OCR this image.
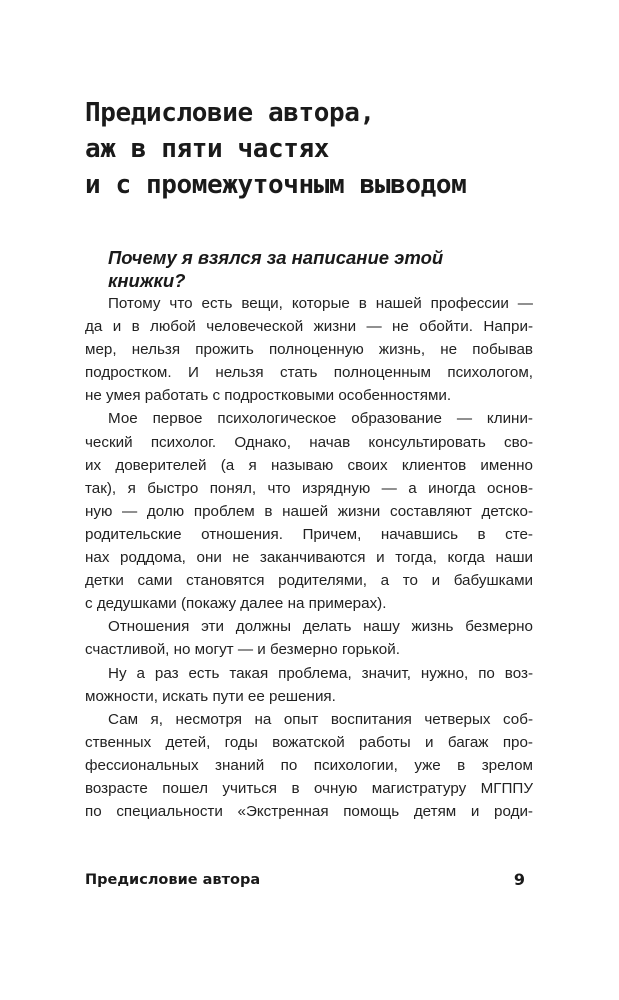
Предисловие автора,
аж в пяти частях
и с промежуточным выводом
Почему я взялся за написание этой
книжки?

Потому что есть вещи, которые в нашей профессии —
да и в любой человеческой жизни — не обойти. Напри-
мер, нельзя прожить полноценную жизнь, не побывав
подростком. И нельзя стать полноценным психологом,
не умея работать с подростковыми особенностями.

Мое первое психологическое образование — клини-
ческий психолог. Однако, начав консультировать сво-
их доверителей (а я называю своих клиентов именно
так), я быстро понял, что изрядную — а иногда основ-
ную — долю проблем в нашей жизни составляют детско-
родительские отношения. Причем, начавшись в сте-
нах роддома, они не заканчиваются и тогда, когда наши
детки сами становятся родителями, а то и бабушками
с дедушками (покажу далее на примерах).

Отношения эти должны делать нашу жизнь безмерно
счастливой, но могут — и безмерно горькой.

Ну а раз есть такая проблема, значит, нужно, по воз-
можности, искать пути ее решения.

Сам я, несмотря на опыт воспитания четверых соб-
ственных детей, годы вожатской работы и багаж про-
фессиональных знаний по психологии, уже в зрелом
возрасте пошел учиться в очную магистратуру МГППУ
по специальности «Экстренная помощь детям и роди-

Предисловие автора	9
